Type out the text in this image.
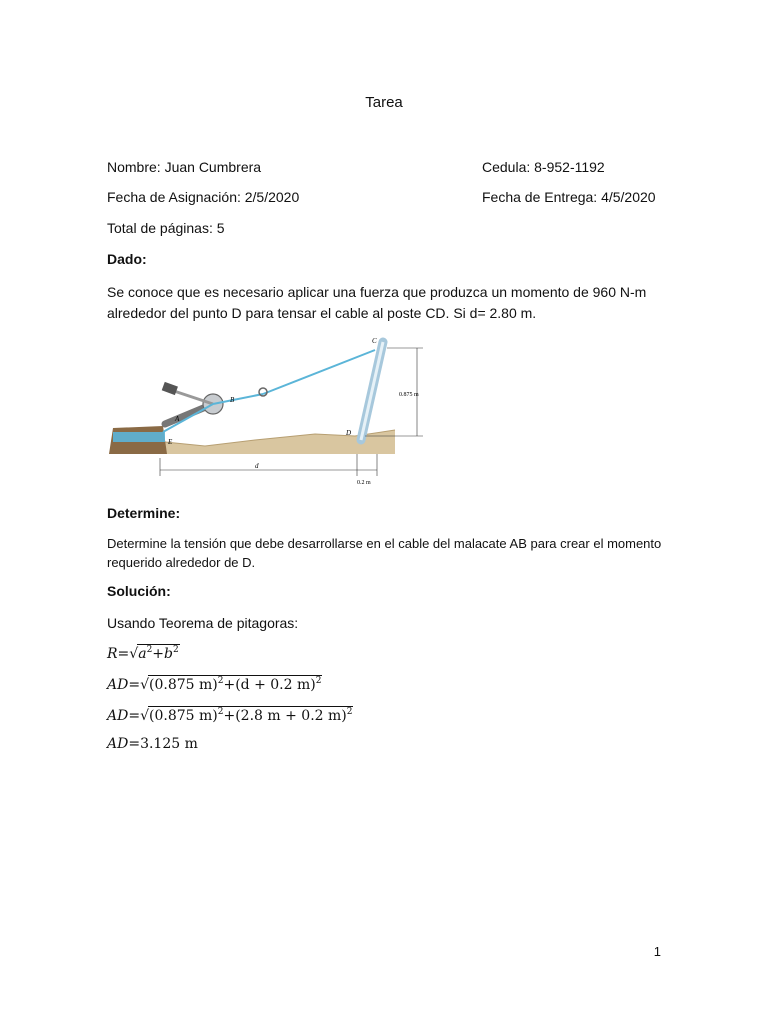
Tarea
Nombre: Juan Cumbrera	Cedula: 8-952-1192
Fecha de Asignación: 2/5/2020	Fecha de Entrega: 4/5/2020
Total de páginas: 5
Dado:
Se conoce que es necesario aplicar una fuerza que produzca un momento de 960 N-m alrededor del punto D para tensar el cable al poste CD. Si d= 2.80 m.
A
B
C
D
E
d
0.875 m
0.2 m
Determine:
Determine la tensión que debe desarrollarse en el cable del malacate AB para crear el momento requerido alrededor de D.
Solución:
Usando Teorema de pitagoras:
$R=√a^2+b^2$
AD=√(0.875 m)$^2$+(d + 0.2 m)$^2$
AD=√(0.875 m)$^2$+(2.8 m + 0.2 m)$^2$
AD=3.125 m
1
